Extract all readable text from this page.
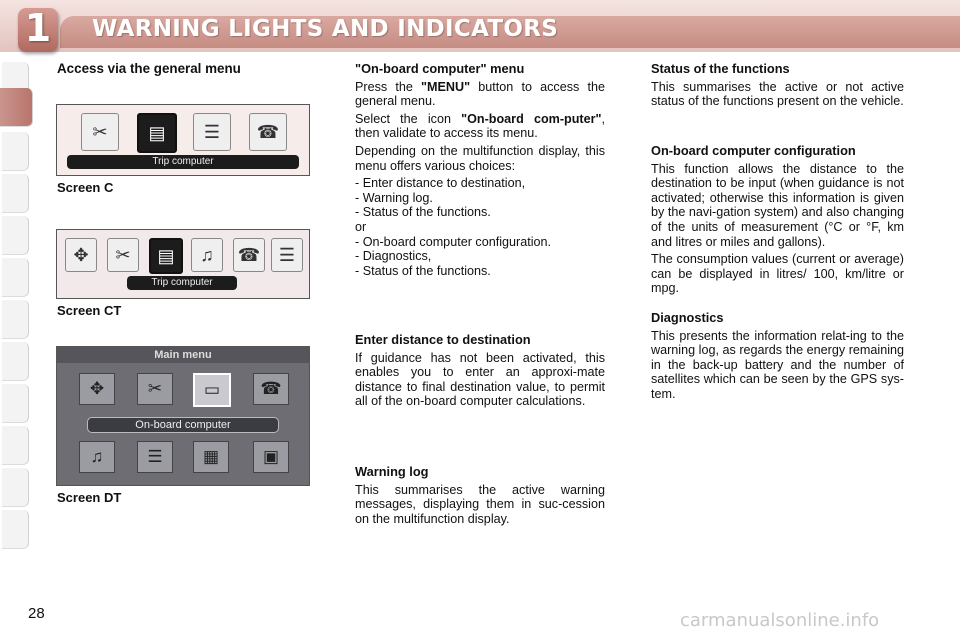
1 WARNING LIGHTS AND INDICATORS
Access via the general menu
✂	▤	☰	☎
Trip computer
Screen C
✥	✂	▤	♫	☎	☰
Trip computer
Screen CT
Main menu
✥	✂	▭	☎
On-board computer
♫	☰	▦	▣
Screen DT
"On-board computer" menu

Press the "MENU" button to access the general menu.

Select the icon "On-board com-puter", then validate to access its menu.

Depending on the multifunction display, this menu offers various choices:

- Enter distance to destination,
- Warning log.
- Status of the functions.
or
- On-board computer configuration.
- Diagnostics,
- Status of the functions.
Enter distance to destination

If guidance has not been activated, this enables you to enter an approxi-mate distance to final destination value, to permit all of the on-board computer calculations.

Warning log

This summarises the active warning messages, displaying them in suc-cession on the multifunction display.

Status of the functions

This summarises the active or not active status of the functions present on the vehicle.

On-board computer configuration

This function allows the distance to the destination to be input (when guidance is not activated; otherwise this information is given by the navi-gation system) and also changing of the units of measurement (°C or °F, km and litres or miles and gallons).

The consumption values (current or average) can be displayed in litres/ 100, km/litre or mpg.

Diagnostics

This presents the information relat-ing to the warning log, as regards the energy remaining in the back-up battery and the number of satellites which can be seen by the GPS sys-tem.

28	carmanualsonline.info
